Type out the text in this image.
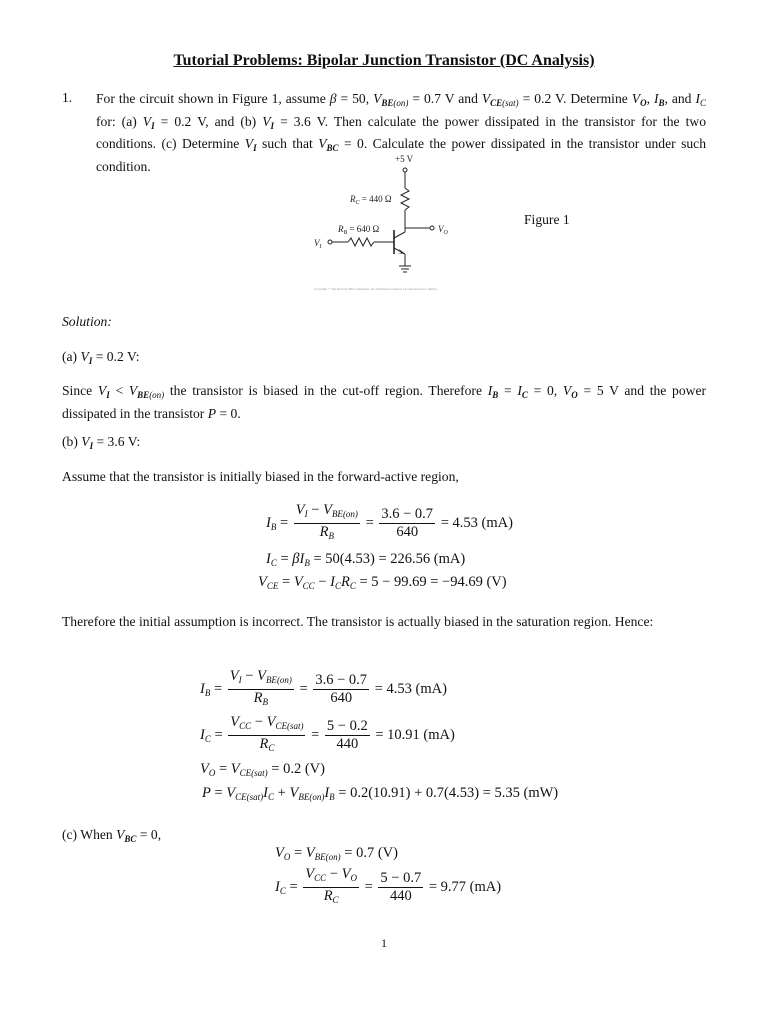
Tutorial Problems: Bipolar Junction Transistor (DC Analysis)
1. For the circuit shown in Figure 1, assume β = 50, $V_{BE(on)} = 0.7$ V and $V_{CE(sat)} = 0.2$ V. Determine $V_O$, $I_B$, and $I_C$ for: (a) $V_I = 0.2$ V, and (b) $V_I = 3.6$ V. Then calculate the power dissipated in the transistor for the two conditions. (c) Determine $V_I$ such that $V_{BC} = 0$. Calculate the power dissipated in the transistor under such condition.	+5 V
$R_C = 440$ Ω
$V_O$
$R_B = 640$ Ω
$V_I$
Copyright © The McGraw-Hill Companies, Inc. Permission required for reproduction or display.
Figure 1
Solution:
(a) $V_I = 0.2$ V:
Since $V_I < V_{BE(on)}$ the transistor is biased in the cut-off region. Therefore $I_B = I_C = 0$, $V_O = 5$ V and the power dissipated in the transistor P = 0.
(b) $V_I = 3.6$ V:
Assume that the transistor is initially biased in the forward-active region,
$I_B = \frac{V_I - V_{BE(on)}}{R_B} = \frac{3.6 - 0.7}{640} = 4.53$ (mA)
$I_C = \beta I_B = 50(4.53) = 226.56$ (mA)
$V_{CE} = V_{CC} - I_CR_C = 5 - 99.69 = -94.69$ (V)
Therefore the initial assumption is incorrect. The transistor is actually biased in the saturation region. Hence:
$I_B = \frac{V_I - V_{BE(on)}}{R_B} = \frac{3.6 - 0.7}{640} = 4.53$ (mA)
$I_C = \frac{V_{CC} - V_{CE(sat)}}{R_C} = \frac{5 - 0.2}{440} = 10.91$ (mA)
$V_O = V_{CE(sat)} = 0.2$ (V)
$P = V_{CE(sat)}I_C + V_{BE(on)}I_B = 0.2(10.91) + 0.7(4.53) = 5.35$ (mW)
(c) When $V_{BC} = 0$,
$V_O = V_{BE(on)} = 0.7$ (V)
$I_C = \frac{V_{CC} - V_O}{R_C} = \frac{5 - 0.7}{440} = 9.77$ (mA)
1
